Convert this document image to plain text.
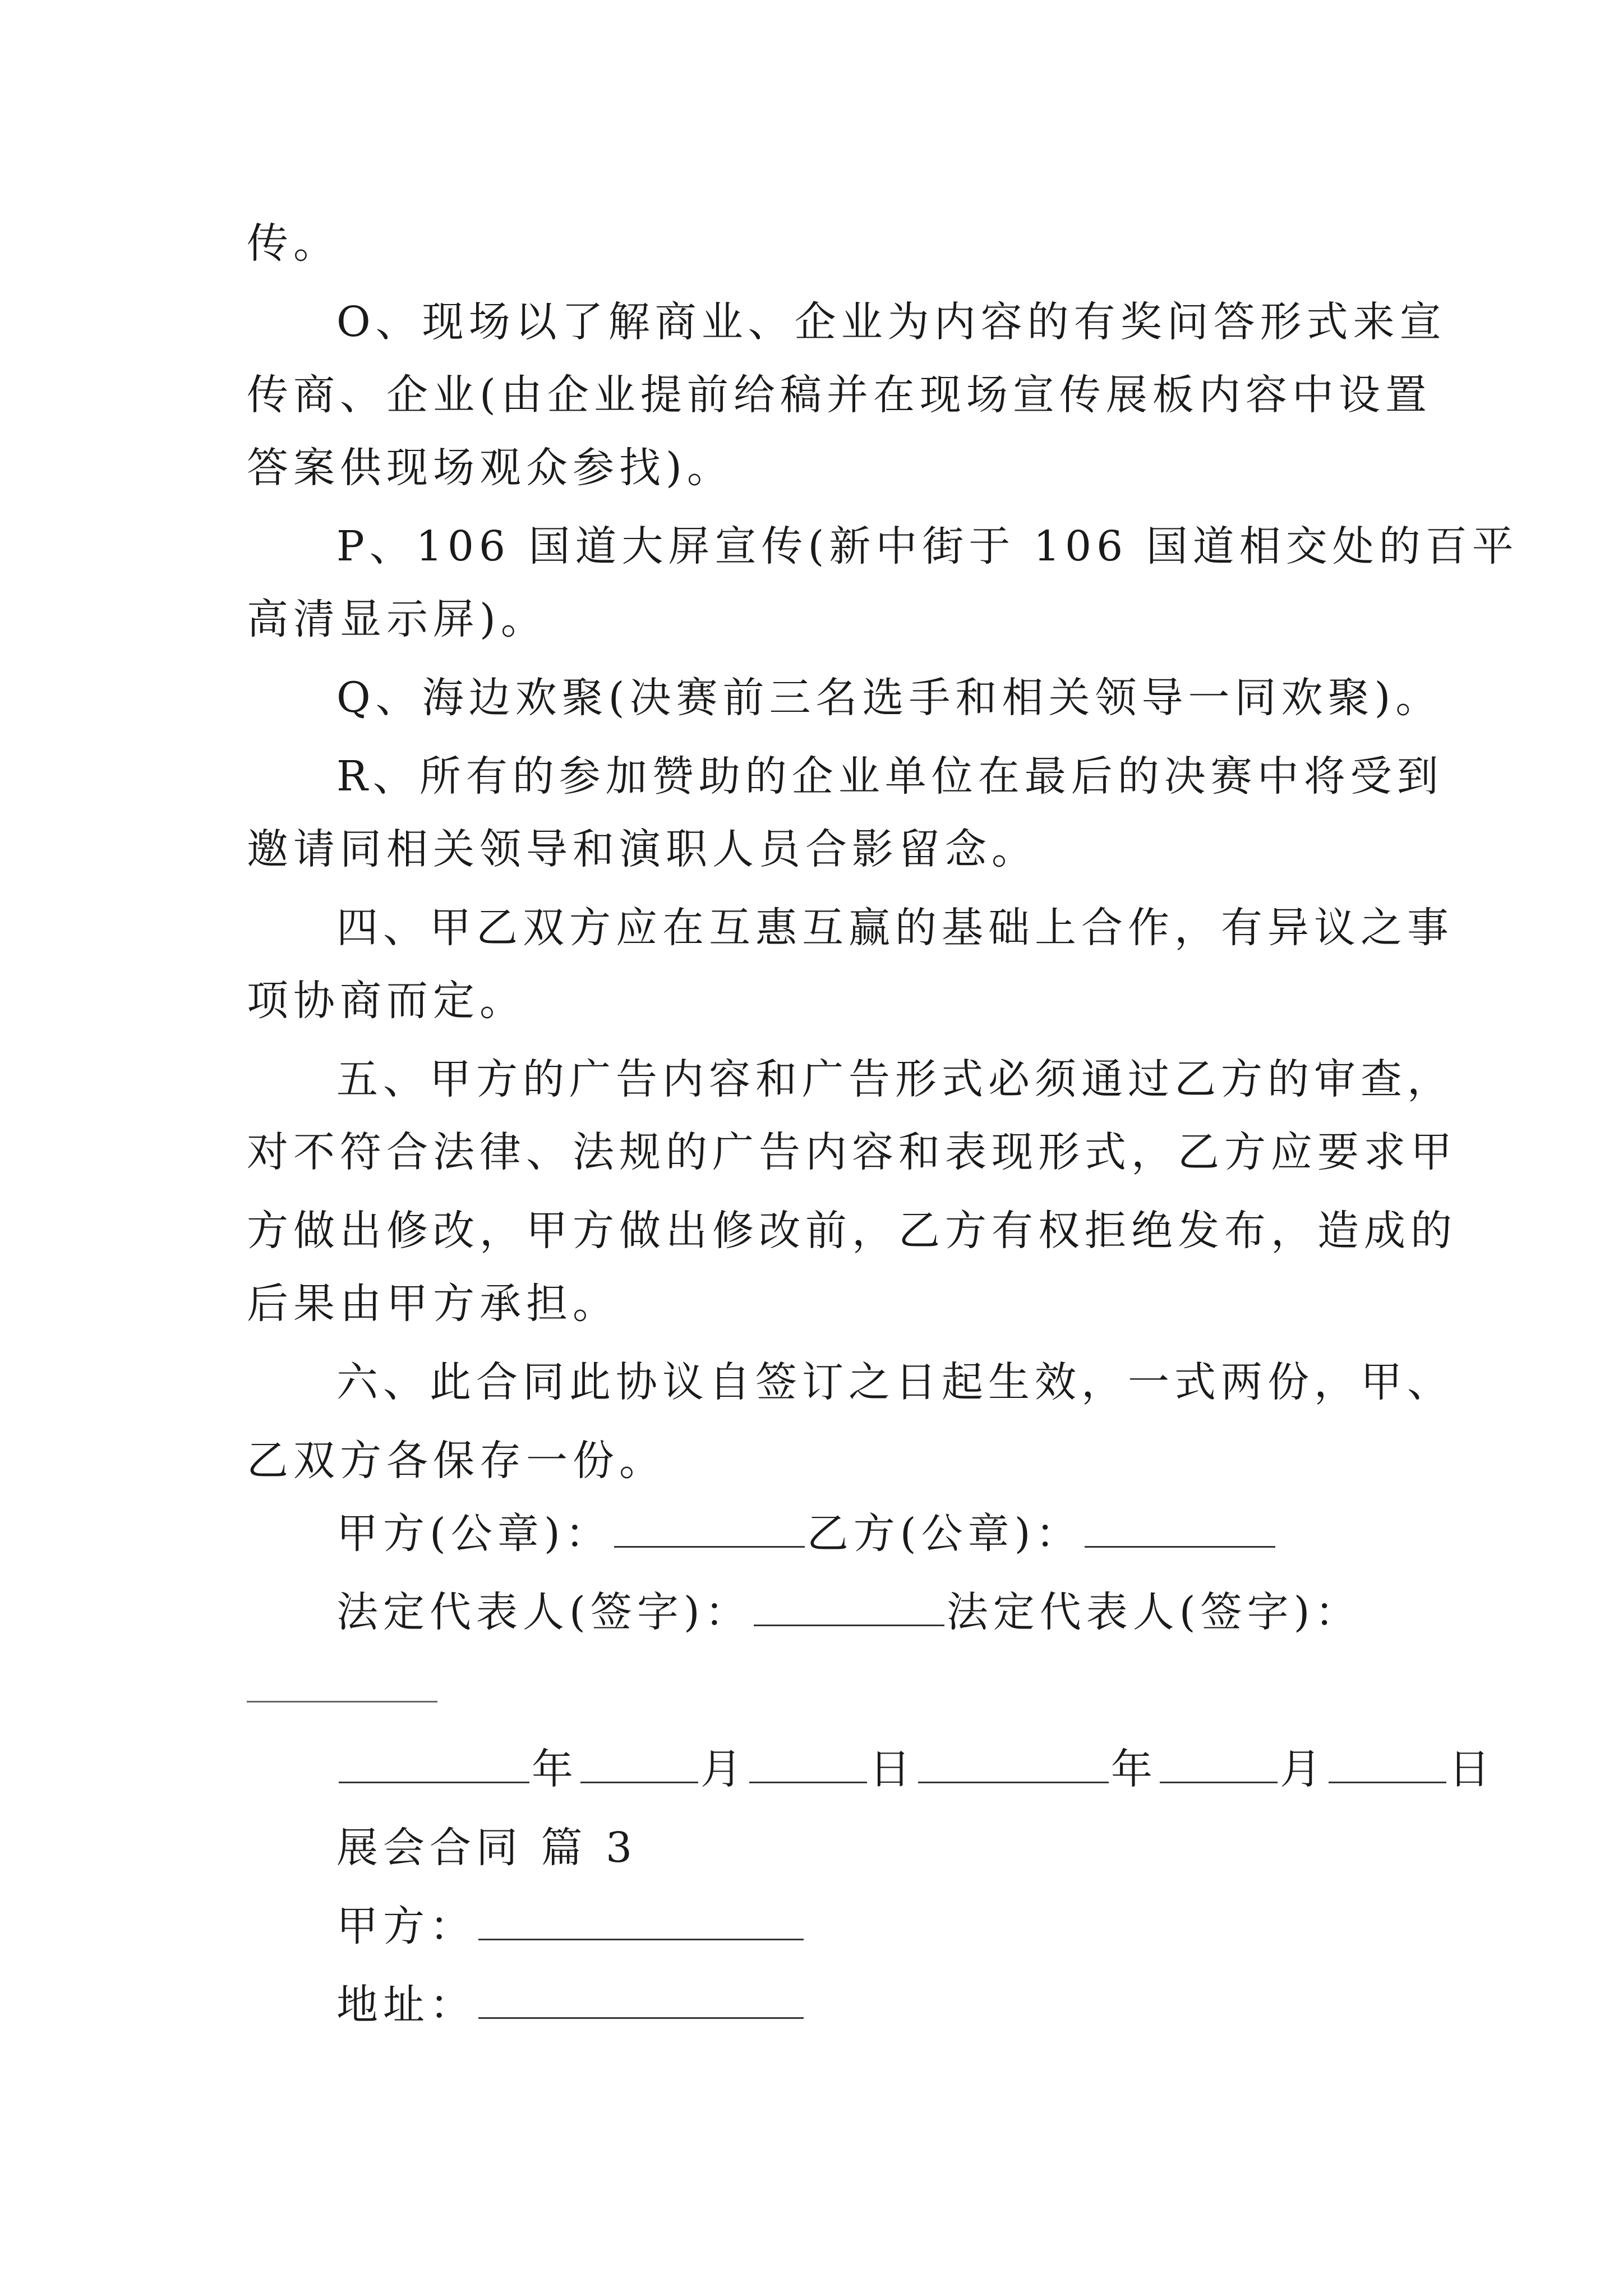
传。
O、现场以了解商业、企业为内容的有奖问答形式来宣
传商、企业(由企业提前给稿并在现场宣传展板内容中设置
答案供现场观众参找)。
P、106 国道大屏宣传(新中街于 106 国道相交处的百平
高清显示屏)。
Q、海边欢聚(决赛前三名选手和相关领导一同欢聚)。
R、所有的参加赞助的企业单位在最后的决赛中将受到
邀请同相关领导和演职人员合影留念。
四、甲乙双方应在互惠互赢的基础上合作，有异议之事
项协商而定。
五、甲方的广告内容和广告形式必须通过乙方的审查，
对不符合法律、法规的广告内容和表现形式，乙方应要求甲
方做出修改，甲方做出修改前，乙方有权拒绝发布，造成的
后果由甲方承担。
六、此合同此协议自签订之日起生效，一式两份，甲、
乙双方各保存一份。
甲方(公章)：	乙方(公章)：
法定代表人(签字)：	法定代表人(签字)：
年	月	日	年	月	日
展会合同 篇 3
甲方：
地址：
